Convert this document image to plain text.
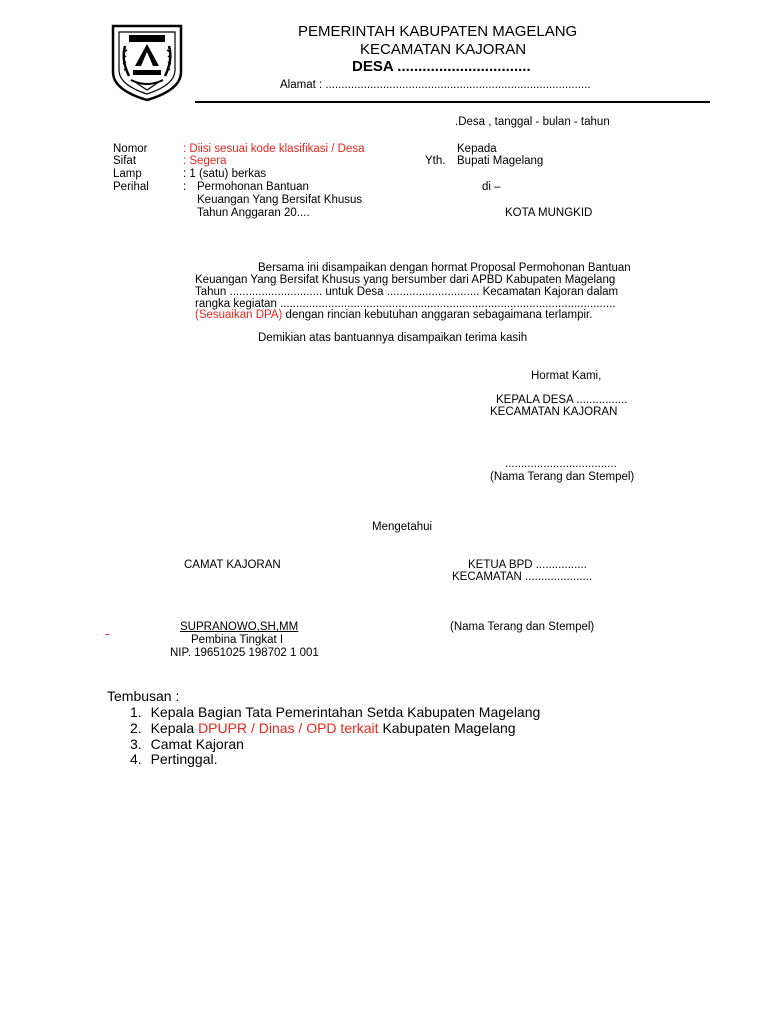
PEMERINTAH KABUPATEN MAGELANG
KECAMATAN KAJORAN
DESA ................................
Alamat : ...................................................................................
.Desa , tanggal - bulan - tahun
Nomor	: Diisi sesuai kode klasifikasi / Desa
Sifat	: Segera
Lamp	: 1 (satu) berkas
Perihal	: Permohonan Bantuan
Keuangan Yang Bersifat Khusus
Tahun Anggaran 20....
Kepada
Yth. Bupati Magelang
di –
KOTA MUNGKID
Bersama ini disampaikan dengan hormat Proposal Permohonan Bantuan
Keuangan Yang Bersifat Khusus yang bersumber dari APBD Kabupaten Magelang
Tahun ............................. untuk Desa ............................. Kecamatan Kajoran dalam
rangka kegiatan .........................................................................................................
(Sesuaikan DPA) dengan rincian kebutuhan anggaran sebagaimana terlampir.
Demikian atas bantuannya disampaikan terima kasih
Hormat Kami,
KEPALA DESA ................
KECAMATAN KAJORAN
...................................
(Nama Terang dan Stempel)
Mengetahui
CAMAT KAJORAN
SUPRANOWO,SH,MM
Pembina Tingkat I
NIP. 19651025 198702 1 001
-
KETUA BPD ................
KECAMATAN .....................
(Nama Terang dan Stempel)
Tembusan :
1. Kepala Bagian Tata Pemerintahan Setda Kabupaten Magelang
2. Kepala DPUPR / Dinas / OPD terkait Kabupaten Magelang
3. Camat Kajoran
4. Pertinggal.
